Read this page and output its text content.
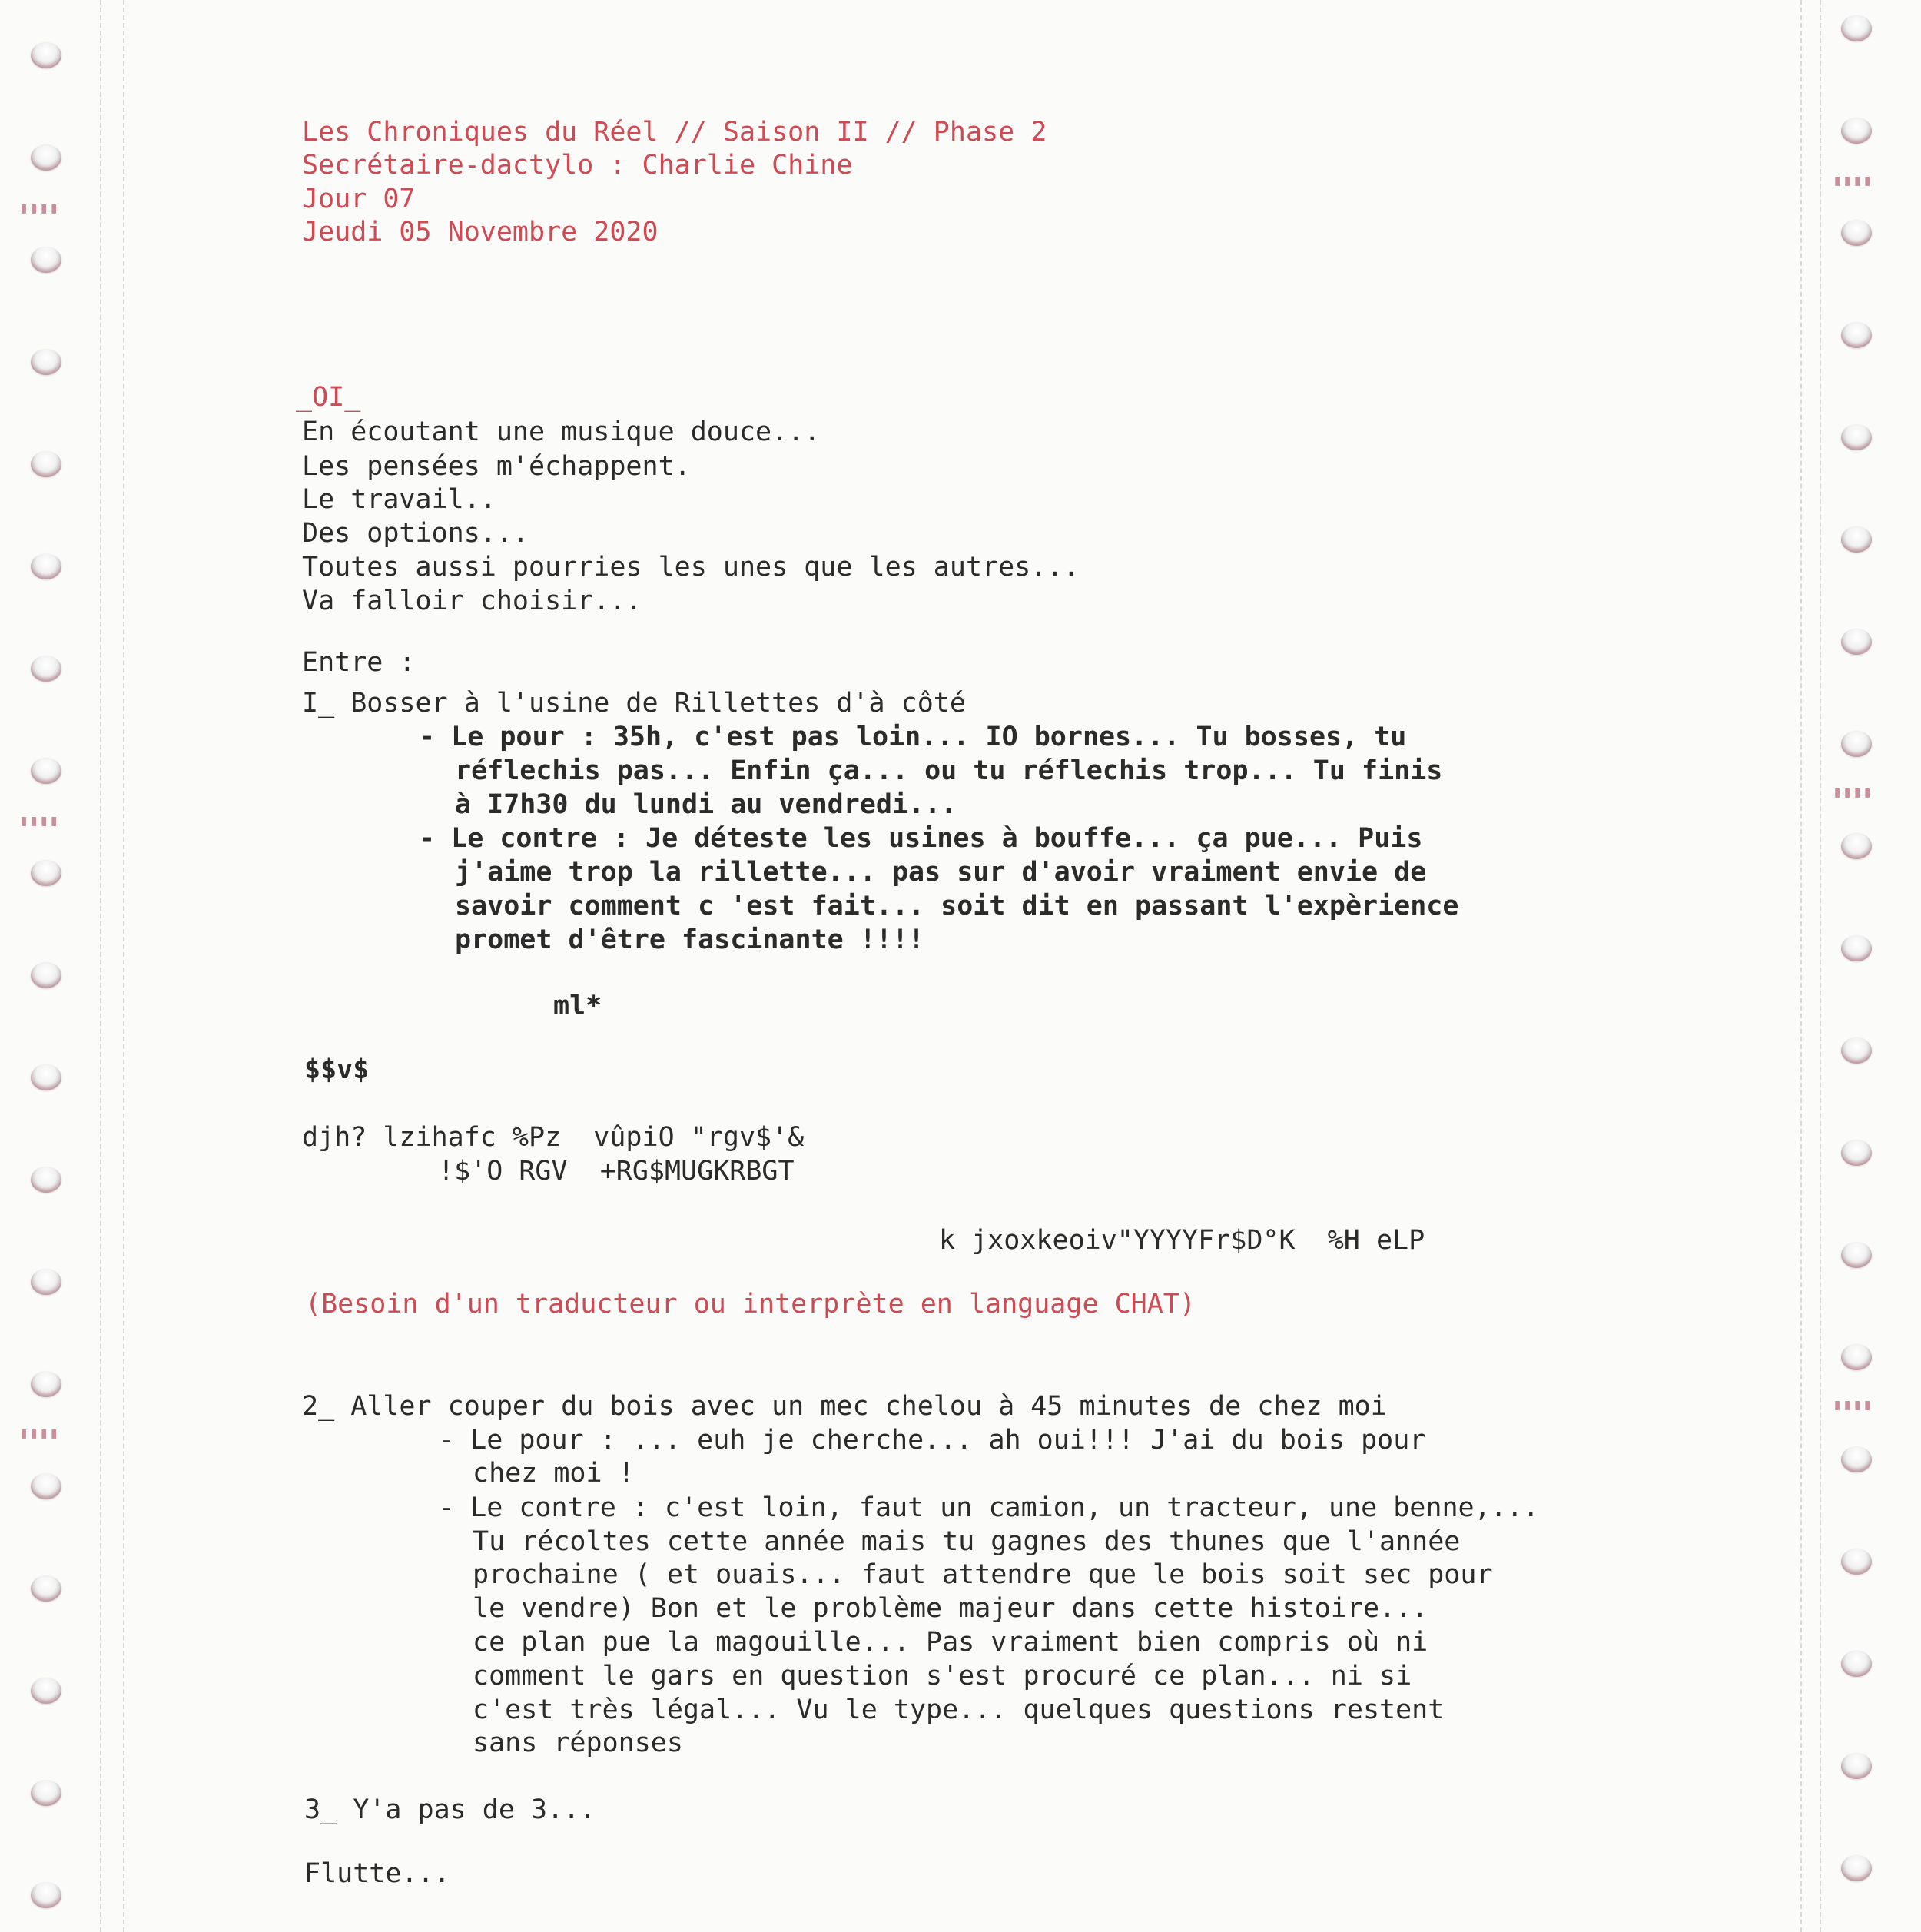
▮▮▮▮
▮▮▮▮
▮▮▮▮
▮▮▮▮
▮▮▮▮
▮▮▮▮
Les Chroniques du Réel // Saison II // Phase 2
Secrétaire-dactylo : Charlie Chine
Jour 07
Jeudi 05 Novembre 2020
_OI_
En écoutant une musique douce...
Les pensées m'échappent.
Le travail..
Des options...
Toutes aussi pourries les unes que les autres...
Va falloir choisir...
Entre :
I_ Bosser à l'usine de Rillettes d'à côté
- Le pour : 35h, c'est pas loin... IO bornes... Tu bosses, tu
réflechis pas... Enfin ça... ou tu réflechis trop... Tu finis
à I7h30 du lundi au vendredi...
- Le contre : Je déteste les usines à bouffe... ça pue... Puis
j'aime trop la rillette... pas sur d'avoir vraiment envie de
savoir comment c 'est fait... soit dit en passant l'expèrience
promet d'être fascinante !!!!
ml*
$$v$
djh? lzihafc %Pz  vûpiO "rgv$'&
!$'O RGV  +RG$MUGKRBGT
k jxoxkeoiv"YYYYFr$D°K  %H eLP
(Besoin d'un traducteur ou interprète en language CHAT)
2_ Aller couper du bois avec un mec chelou à 45 minutes de chez moi
- Le pour : ... euh je cherche... ah oui!!! J'ai du bois pour
chez moi !
- Le contre : c'est loin, faut un camion, un tracteur, une benne,...
Tu récoltes cette année mais tu gagnes des thunes que l'année
prochaine ( et ouais... faut attendre que le bois soit sec pour
le vendre) Bon et le problème majeur dans cette histoire...
ce plan pue la magouille... Pas vraiment bien compris où ni
comment le gars en question s'est procuré ce plan... ni si
c'est très légal... Vu le type... quelques questions restent
sans réponses
3_ Y'a pas de 3...
Flutte...
